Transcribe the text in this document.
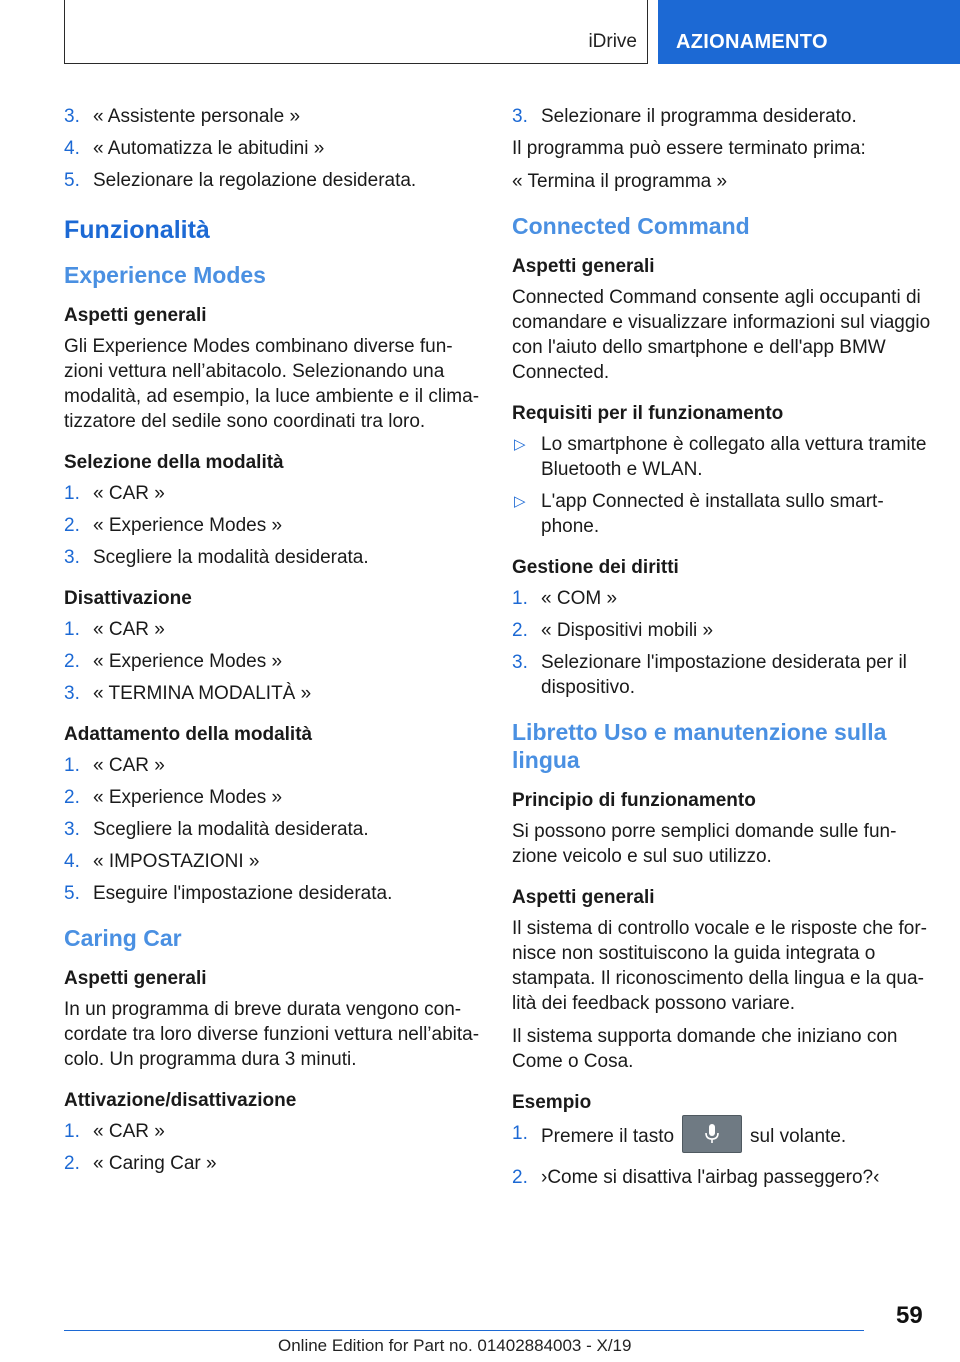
iDrive AZIONAMENTO
3. « Assistente personale »
4. « Automatizza le abitudini »
5. Selezionare la regolazione desiderata.
Funzionalità
Experience Modes
Aspetti generali

Gli Experience Modes combinano diverse fun-zioni vettura nell’abitacolo. Selezionando una modalità, ad esempio, la luce ambiente e il clima-tizzatore del sedile sono coordinati tra loro.

Selezione della modalità
1. « CAR »
2. « Experience Modes »
3. Scegliere la modalità desiderata.
Disattivazione
1. « CAR »
2. « Experience Modes »
3. « TERMINA MODALITÀ »
Adattamento della modalità
1. « CAR »
2. « Experience Modes »
3. Scegliere la modalità desiderata.
4. « IMPOSTAZIONI »
5. Eseguire l'impostazione desiderata.
Caring Car
Aspetti generali

In un programma di breve durata vengono con-cordate tra loro diverse funzioni vettura nell’abita-colo. Un programma dura 3 minuti.

Attivazione/disattivazione
1. « CAR »
2. « Caring Car »
3. Selezionare il programma desiderato.

Il programma può essere terminato prima:

« Termina il programma »

Connected Command
Aspetti generali

Connected Command consente agli occupanti di comandare e visualizzare informazioni sul viaggio con l'aiuto dello smartphone e dell'app BMW Connected.

Requisiti per il funzionamento
▷ Lo smartphone è collegato alla vettura tramite Bluetooth e WLAN.
▷ L'app Connected è installata sullo smart-phone.
Gestione dei diritti
1. « COM »
2. « Dispositivi mobili »
3. Selezionare l'impostazione desiderata per il dispositivo.
Libretto Uso e manutenzione sulla lingua
Principio di funzionamento

Si possono porre semplici domande sulle fun-zione veicolo e sul suo utilizzo.

Aspetti generali

Il sistema di controllo vocale e le risposte che for-nisce non sostituiscono la guida integrata o stampata. Il riconoscimento della lingua e la qua-lità dei feedback possono variare.

Il sistema supporta domande che iniziano con Come o Cosa.

Esempio
1. Premere il tasto	sul volante.
2. ›Come si disattiva l'airbag passeggero?‹
59
Online Edition for Part no. 01402884003 - X/19
